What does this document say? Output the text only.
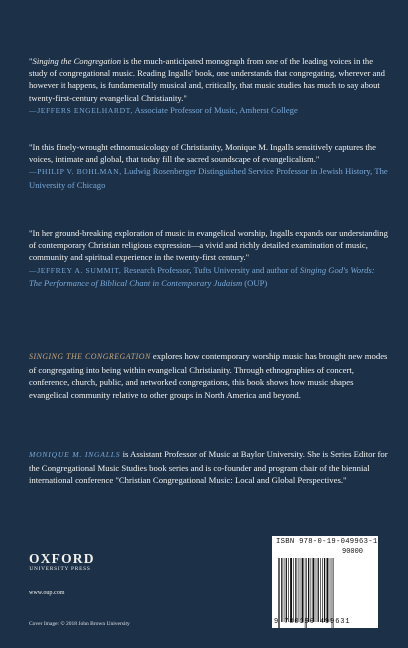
"Singing the Congregation is the much-anticipated monograph from one of the leading voices in the study of congregational music. Reading Ingalls' book, one understands that congregating, wherever and however it happens, is fundamentally musical and, critically, that music studies has much to say about twenty-first-century evangelical Christianity."
—JEFFERS ENGELHARDT, Associate Professor of Music, Amherst College

"In this finely-wrought ethnomusicology of Christianity, Monique M. Ingalls sensitively captures the voices, intimate and global, that today fill the sacred soundscape of evangelicalism."
—PHILIP V. BOHLMAN, Ludwig Rosenberger Distinguished Service Professor in Jewish History, The University of Chicago

"In her ground-breaking exploration of music in evangelical worship, Ingalls expands our understanding of contemporary Christian religious expression—a vivid and richly detailed examination of music, community and spiritual experience in the twenty-first century."
—JEFFREY A. SUMMIT, Research Professor, Tufts University and author of Singing God's Words: The Performance of Biblical Chant in Contemporary Judaism (OUP)

SINGING THE CONGREGATION explores how contemporary worship music has brought new modes of congregating into being within evangelical Christianity. Through ethnographies of concert, conference, church, public, and networked congregations, this book shows how music shapes evangelical community relative to other groups in North America and beyond.

MONIQUE M. INGALLS is Assistant Professor of Music at Baylor University. She is Series Editor for the Congregational Music Studies book series and is co-founder and program chair of the biennial international conference "Christian Congregational Music: Local and Global Perspectives."

OXFORD
UNIVERSITY PRESS
www.oup.com
Cover Image: © 2018 John Brown University
ISBN 978-0-19-049963-1
90000
9 780190 499631
